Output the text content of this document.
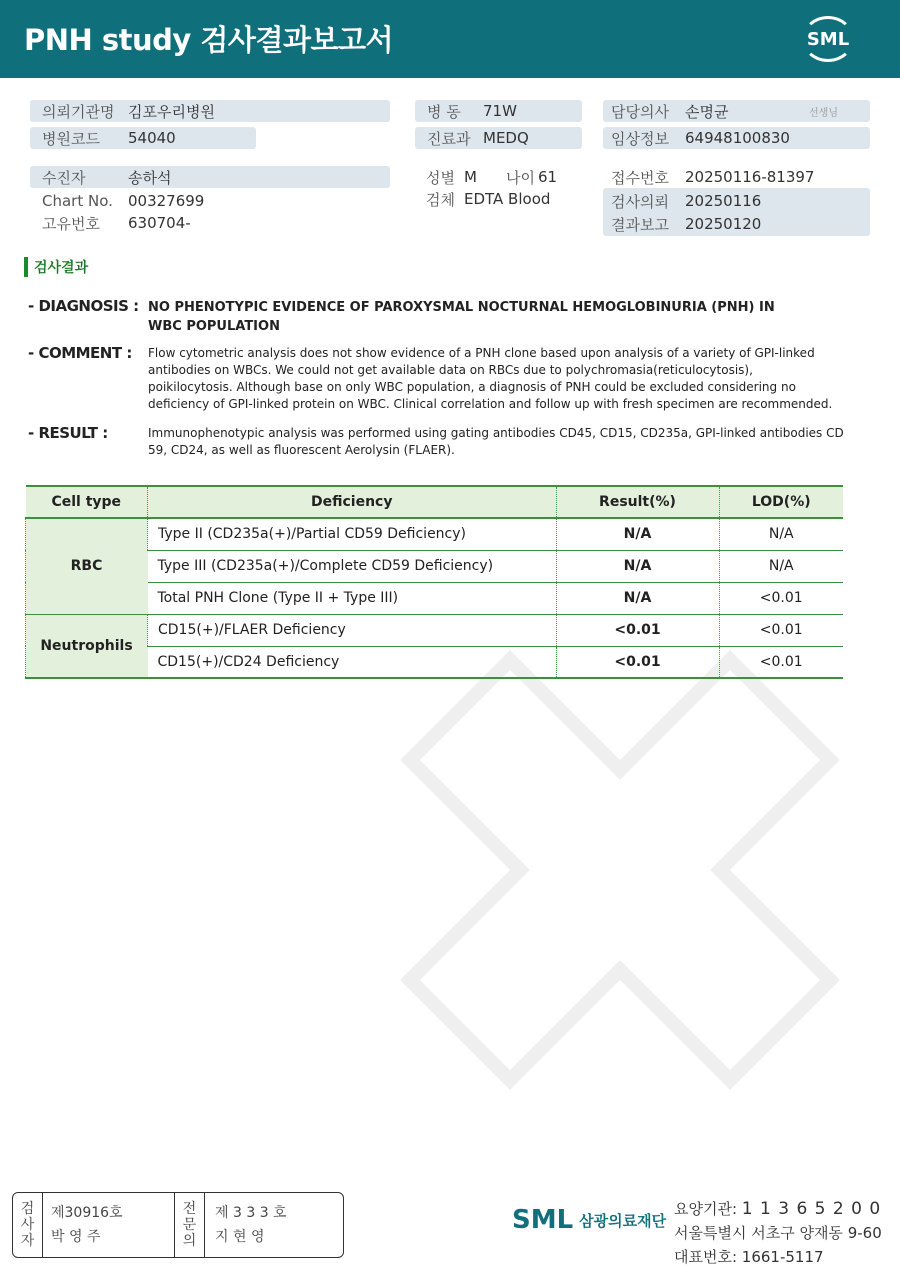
PNH study 검사결과보고서	SML
의뢰기관명 김포우리병원
병원코드	54040
병 동	71W
진료과 MEDQ
담당의사	손명균	선생님
임상정보	64948100830
수진자	송하석
Chart No.	00327699
고유번호	630704-
성별 M	나이 61
검체 EDTA Blood
접수번호	20250116-81397
검사의뢰	20250116
결과보고	20250120
검사결과
- DIAGNOSIS : NO PHENOTYPIC EVIDENCE OF PAROXYSMAL NOCTURNAL HEMOGLOBINURIA (PNH) IN WBC POPULATION
- COMMENT :	Flow cytometric analysis does not show evidence of a PNH clone based upon analysis of a variety of GPI-linked antibodies on WBCs. We could not get available data on RBCs due to polychromasia(reticulocytosis), poikilocytosis. Although base on only WBC population, a diagnosis of PNH could be excluded considering no deficiency of GPI-linked protein on WBC. Clinical correlation and follow up with fresh specimen are recommended.
- RESULT :	Immunophenotypic analysis was performed using gating antibodies CD45, CD15, CD235a, GPI-linked antibodies CD 59, CD24, as well as fluorescent Aerolysin (FLAER).
Cell type	Deficiency	Result(%)	LOD(%)
RBC	Type II (CD235a(+)/Partial CD59 Deficiency)	N/A	N/A
	Type III (CD235a(+)/Complete CD59 Deficiency)	N/A	N/A
	Total PNH Clone (Type II + Type III)	N/A	<0.01
Neutrophils	CD15(+)/FLAER Deficiency	<0.01	<0.01
	CD15(+)/CD24 Deficiency	<0.01	<0.01
검
사
자
제30916호
박 영 주
전
문
의
제 3 3 3 호
지 현 영
SML 삼광의료재단
요양기관: 1 1 3 6 5 2 0 0
서울특별시 서초구 양재동 9-60
대표번호: 1661-5117
